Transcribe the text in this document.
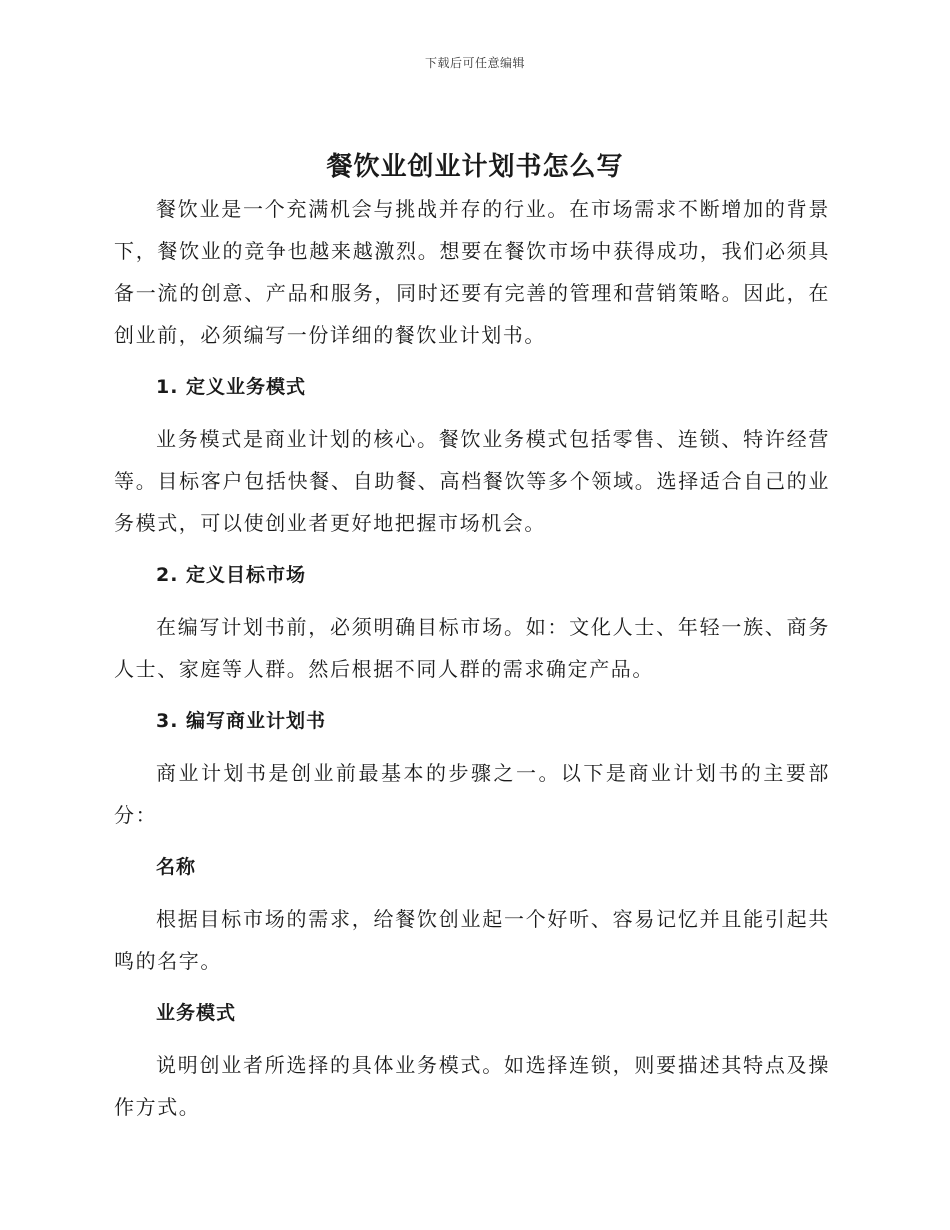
下载后可任意编辑
餐饮业创业计划书怎么写

餐饮业是一个充满机会与挑战并存的行业。在市场需求不断增加的背景下，餐饮业的竞争也越来越激烈。想要在餐饮市场中获得成功，我们必须具备一流的创意、产品和服务，同时还要有完善的管理和营销策略。因此，在创业前，必须编写一份详细的餐饮业计划书。

1. 定义业务模式

业务模式是商业计划的核心。餐饮业务模式包括零售、连锁、特许经营等。目标客户包括快餐、自助餐、高档餐饮等多个领域。选择适合自己的业务模式，可以使创业者更好地把握市场机会。

2. 定义目标市场

在编写计划书前，必须明确目标市场。如：文化人士、年轻一族、商务人士、家庭等人群。然后根据不同人群的需求确定产品。

3. 编写商业计划书

商业计划书是创业前最基本的步骤之一。以下是商业计划书的主要部分：

名称

根据目标市场的需求，给餐饮创业起一个好听、容易记忆并且能引起共鸣的名字。

业务模式

说明创业者所选择的具体业务模式。如选择连锁，则要描述其特点及操作方式。
